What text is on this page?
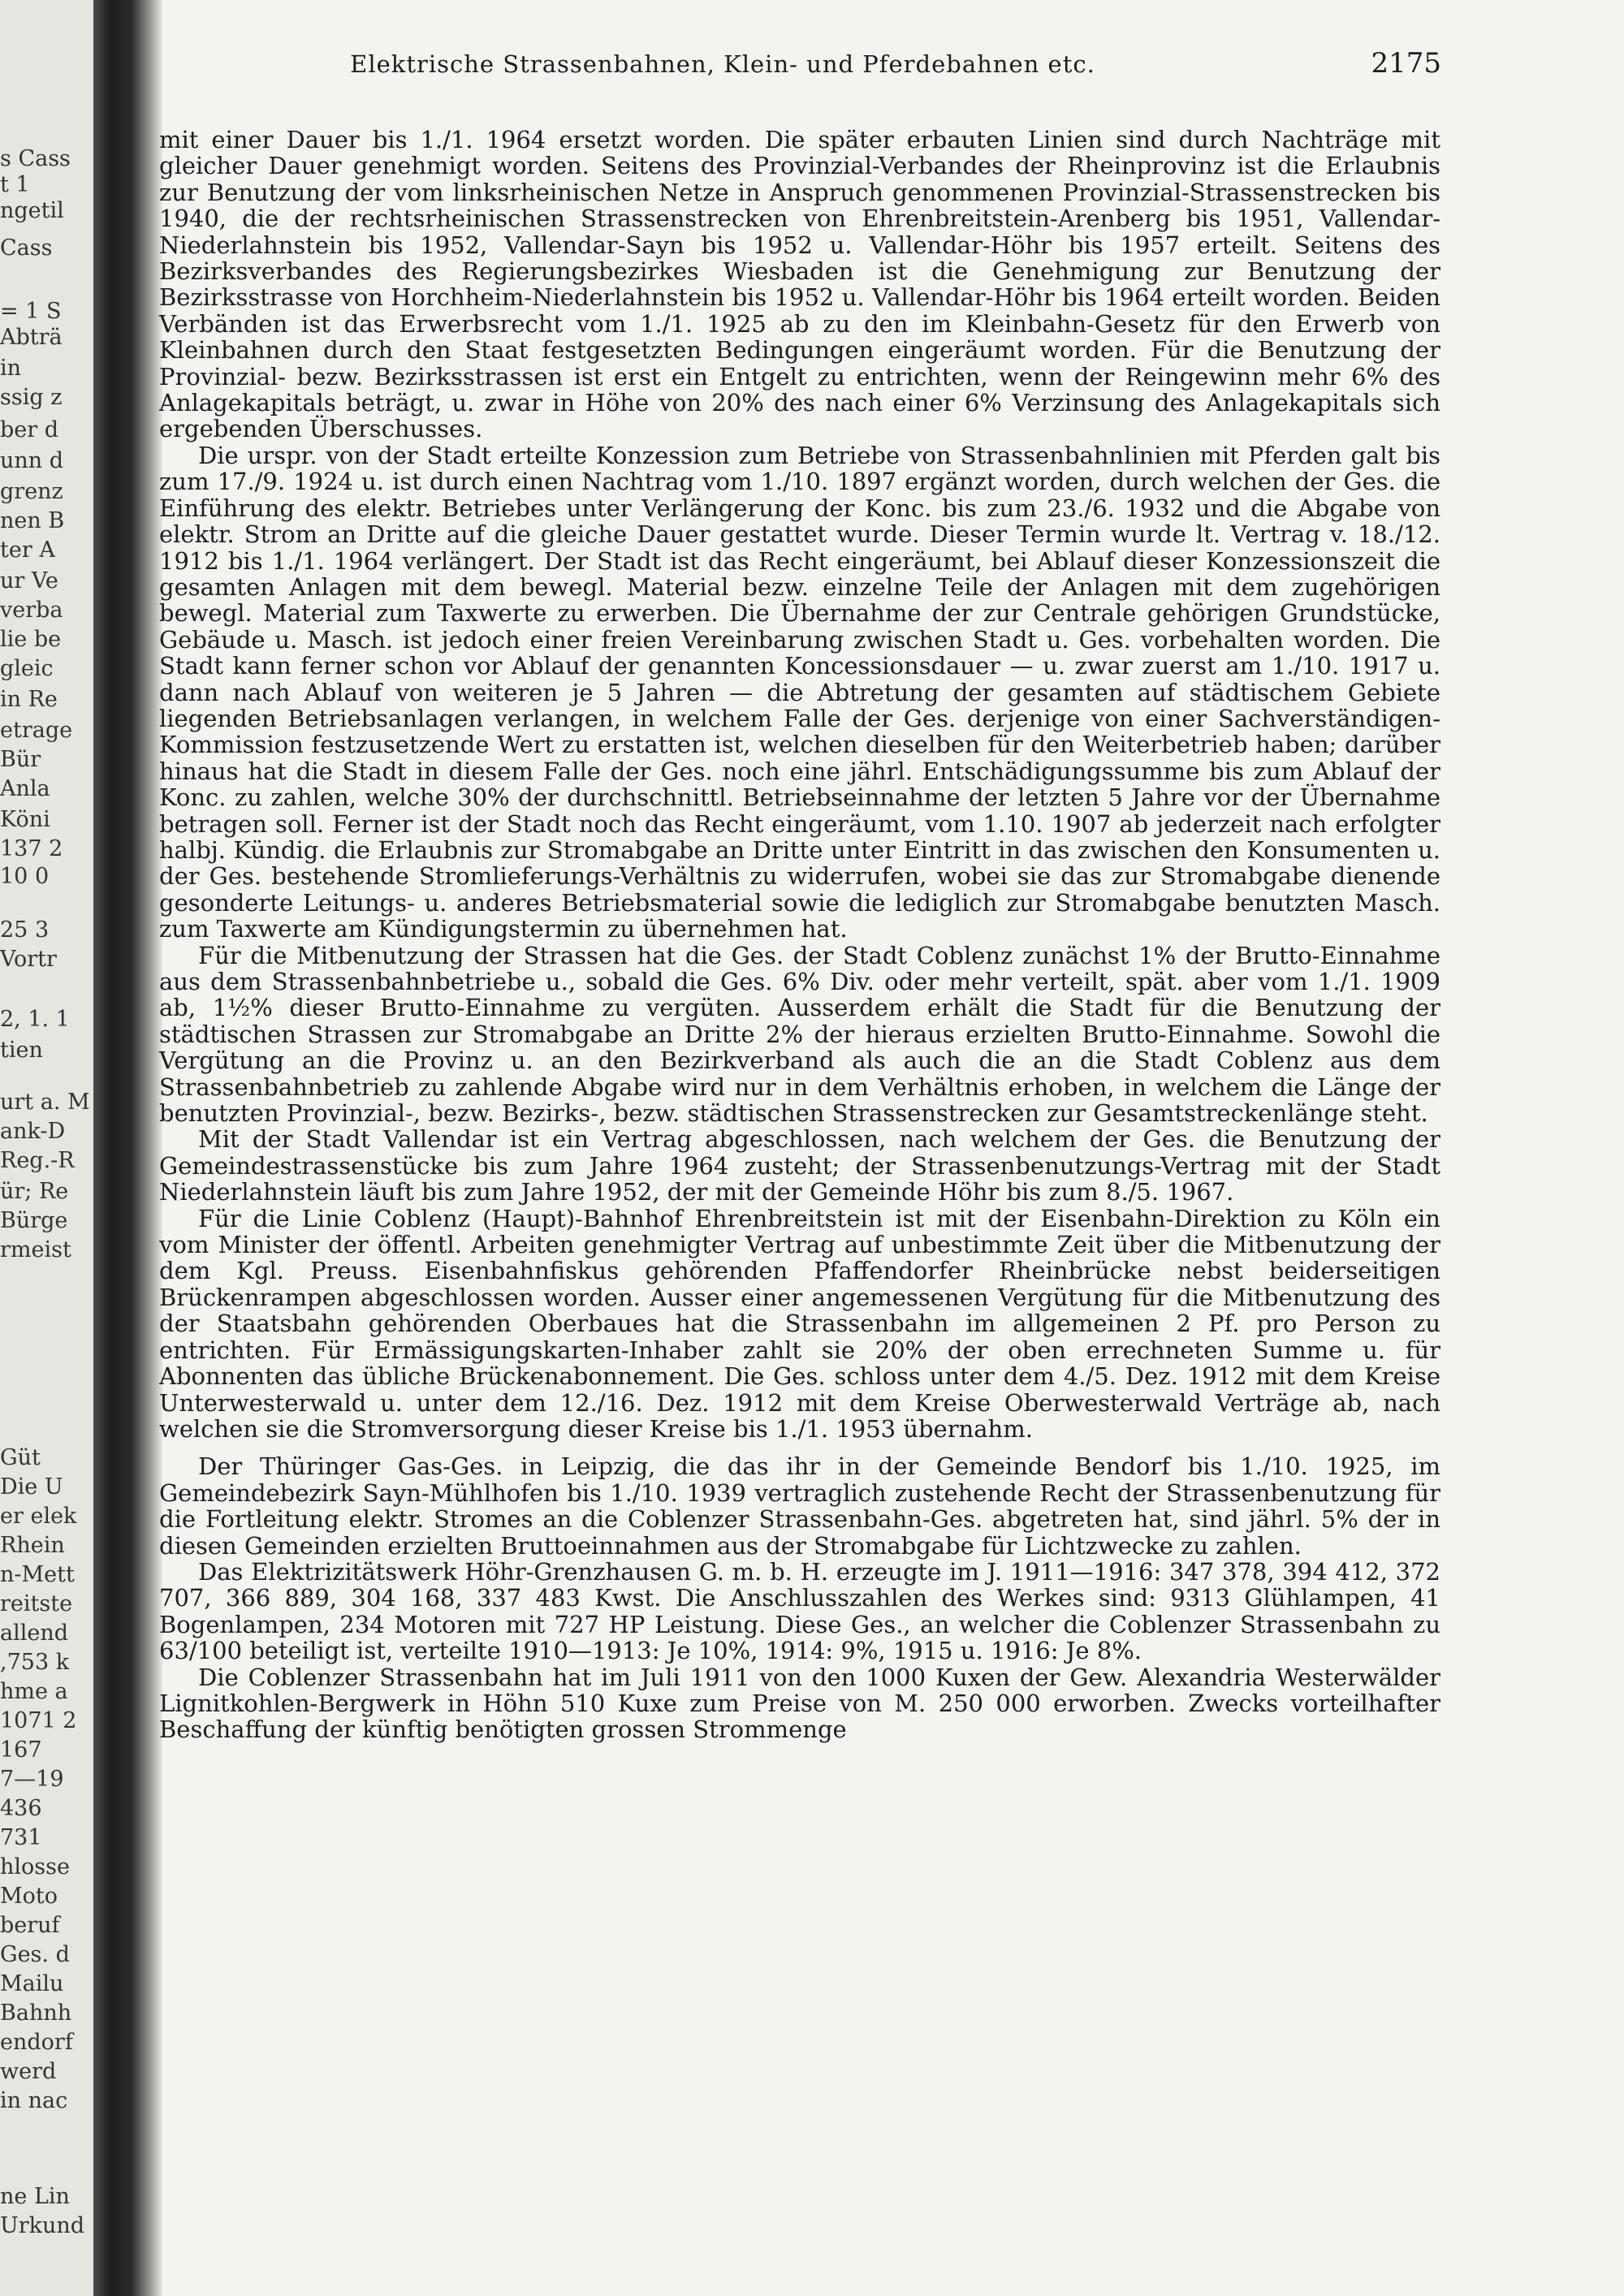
s Cass
t 1
ngetil
Cass
= 1 S
Abträ
in
ssig z
ber d
unn d
grenz
nen B
ter A
ur Ve
verba
lie be
gleic
in Re
etrage
Bür
Anla
Köni
137 2
10 0
25 3
Vortr
2, 1. 1
tien
urt a. M
ank-D
Reg.-R
ür; Re
Bürge
rmeist
Güt
Die U
er elek
Rhein
n-Mett
reitste
allend
,753 k
hme a
1071 2
167
7—19
436
731
hlosse
Moto
beruf
Ges. d
Mailu
Bahnh
endorf
werd
in nac
ne Lin
Urkund
Elektrische Strassenbahnen, Klein- und Pferdebahnen etc.	2175

mit einer Dauer bis 1./1. 1964 ersetzt worden. Die später erbauten Linien sind durch Nachträge mit gleicher Dauer genehmigt worden. Seitens des Provinzial-Verbandes der Rheinprovinz ist die Erlaubnis zur Benutzung der vom linksrheinischen Netze in Anspruch genommenen Provinzial-Strassenstrecken bis 1940, die der rechtsrheinischen Strassenstrecken von Ehrenbreitstein-Arenberg bis 1951, Vallendar-Niederlahnstein bis 1952, Vallendar-Sayn bis 1952 u. Vallendar-Höhr bis 1957 erteilt. Seitens des Bezirksverbandes des Regierungsbezirkes Wiesbaden ist die Genehmigung zur Benutzung der Bezirksstrasse von Horchheim-Niederlahnstein bis 1952 u. Vallendar-Höhr bis 1964 erteilt worden. Beiden Verbänden ist das Erwerbsrecht vom 1./1. 1925 ab zu den im Kleinbahn-Gesetz für den Erwerb von Kleinbahnen durch den Staat festgesetzten Bedingungen eingeräumt worden. Für die Benutzung der Provinzial- bezw. Bezirksstrassen ist erst ein Entgelt zu entrichten, wenn der Reingewinn mehr 6% des Anlagekapitals beträgt, u. zwar in Höhe von 20% des nach einer 6% Verzinsung des Anlagekapitals sich ergebenden Überschusses.

Die urspr. von der Stadt erteilte Konzession zum Betriebe von Strassenbahnlinien mit Pferden galt bis zum 17./9. 1924 u. ist durch einen Nachtrag vom 1./10. 1897 ergänzt worden, durch welchen der Ges. die Einführung des elektr. Betriebes unter Verlängerung der Konc. bis zum 23./6. 1932 und die Abgabe von elektr. Strom an Dritte auf die gleiche Dauer gestattet wurde. Dieser Termin wurde lt. Vertrag v. 18./12. 1912 bis 1./1. 1964 verlängert. Der Stadt ist das Recht eingeräumt, bei Ablauf dieser Konzessionszeit die gesamten Anlagen mit dem bewegl. Material bezw. einzelne Teile der Anlagen mit dem zugehörigen bewegl. Material zum Taxwerte zu erwerben. Die Übernahme der zur Centrale gehörigen Grundstücke, Gebäude u. Masch. ist jedoch einer freien Vereinbarung zwischen Stadt u. Ges. vorbehalten worden. Die Stadt kann ferner schon vor Ablauf der genannten Koncessionsdauer — u. zwar zuerst am 1./10. 1917 u. dann nach Ablauf von weiteren je 5 Jahren — die Abtretung der gesamten auf städtischem Gebiete liegenden Betriebsanlagen verlangen, in welchem Falle der Ges. derjenige von einer Sachverständigen-Kommission festzusetzende Wert zu erstatten ist, welchen dieselben für den Weiterbetrieb haben; darüber hinaus hat die Stadt in diesem Falle der Ges. noch eine jährl. Entschädigungssumme bis zum Ablauf der Konc. zu zahlen, welche 30% der durchschnittl. Betriebseinnahme der letzten 5 Jahre vor der Übernahme betragen soll. Ferner ist der Stadt noch das Recht eingeräumt, vom 1.10. 1907 ab jederzeit nach erfolgter halbj. Kündig. die Erlaubnis zur Stromabgabe an Dritte unter Eintritt in das zwischen den Konsumenten u. der Ges. bestehende Stromlieferungs-Verhältnis zu widerrufen, wobei sie das zur Stromabgabe dienende gesonderte Leitungs- u. anderes Betriebsmaterial sowie die lediglich zur Stromabgabe benutzten Masch. zum Taxwerte am Kündigungstermin zu übernehmen hat.

Für die Mitbenutzung der Strassen hat die Ges. der Stadt Coblenz zunächst 1% der Brutto-Einnahme aus dem Strassenbahnbetriebe u., sobald die Ges. 6% Div. oder mehr verteilt, spät. aber vom 1./1. 1909 ab, 1½% dieser Brutto-Einnahme zu vergüten. Ausserdem erhält die Stadt für die Benutzung der städtischen Strassen zur Stromabgabe an Dritte 2% der hieraus erzielten Brutto-Einnahme. Sowohl die Vergütung an die Provinz u. an den Bezirkverband als auch die an die Stadt Coblenz aus dem Strassenbahnbetrieb zu zahlende Abgabe wird nur in dem Verhältnis erhoben, in welchem die Länge der benutzten Provinzial-, bezw. Bezirks-, bezw. städtischen Strassenstrecken zur Gesamtstreckenlänge steht.

Mit der Stadt Vallendar ist ein Vertrag abgeschlossen, nach welchem der Ges. die Benutzung der Gemeindestrassenstücke bis zum Jahre 1964 zusteht; der Strassenbenutzungs-Vertrag mit der Stadt Niederlahnstein läuft bis zum Jahre 1952, der mit der Gemeinde Höhr bis zum 8./5. 1967.

Für die Linie Coblenz (Haupt)-Bahnhof Ehrenbreitstein ist mit der Eisenbahn-Direktion zu Köln ein vom Minister der öffentl. Arbeiten genehmigter Vertrag auf unbestimmte Zeit über die Mitbenutzung der dem Kgl. Preuss. Eisenbahnfiskus gehörenden Pfaffendorfer Rheinbrücke nebst beiderseitigen Brückenrampen abgeschlossen worden. Ausser einer angemessenen Vergütung für die Mitbenutzung des der Staatsbahn gehörenden Oberbaues hat die Strassenbahn im allgemeinen 2 Pf. pro Person zu entrichten. Für Ermässigungskarten-Inhaber zahlt sie 20% der oben errechneten Summe u. für Abonnenten das übliche Brückenabonnement. Die Ges. schloss unter dem 4./5. Dez. 1912 mit dem Kreise Unterwesterwald u. unter dem 12./16. Dez. 1912 mit dem Kreise Oberwesterwald Verträge ab, nach welchen sie die Stromversorgung dieser Kreise bis 1./1. 1953 übernahm.

Der Thüringer Gas-Ges. in Leipzig, die das ihr in der Gemeinde Bendorf bis 1./10. 1925, im Gemeindebezirk Sayn-Mühlhofen bis 1./10. 1939 vertraglich zustehende Recht der Strassenbenutzung für die Fortleitung elektr. Stromes an die Coblenzer Strassenbahn-Ges. abgetreten hat, sind jährl. 5% der in diesen Gemeinden erzielten Bruttoeinnahmen aus der Stromabgabe für Lichtzwecke zu zahlen.

Das Elektrizitätswerk Höhr-Grenzhausen G. m. b. H. erzeugte im J. 1911—1916: 347 378, 394 412, 372 707, 366 889, 304 168, 337 483 Kwst. Die Anschlusszahlen des Werkes sind: 9313 Glühlampen, 41 Bogenlampen, 234 Motoren mit 727 HP Leistung. Diese Ges., an welcher die Coblenzer Strassenbahn zu 63/100 beteiligt ist, verteilte 1910—1913: Je 10%, 1914: 9%, 1915 u. 1916: Je 8%.

Die Coblenzer Strassenbahn hat im Juli 1911 von den 1000 Kuxen der Gew. Alexandria Westerwälder Lignitkohlen-Bergwerk in Höhn 510 Kuxe zum Preise von M. 250 000 erworben. Zwecks vorteilhafter Beschaffung der künftig benötigten grossen Strommenge
